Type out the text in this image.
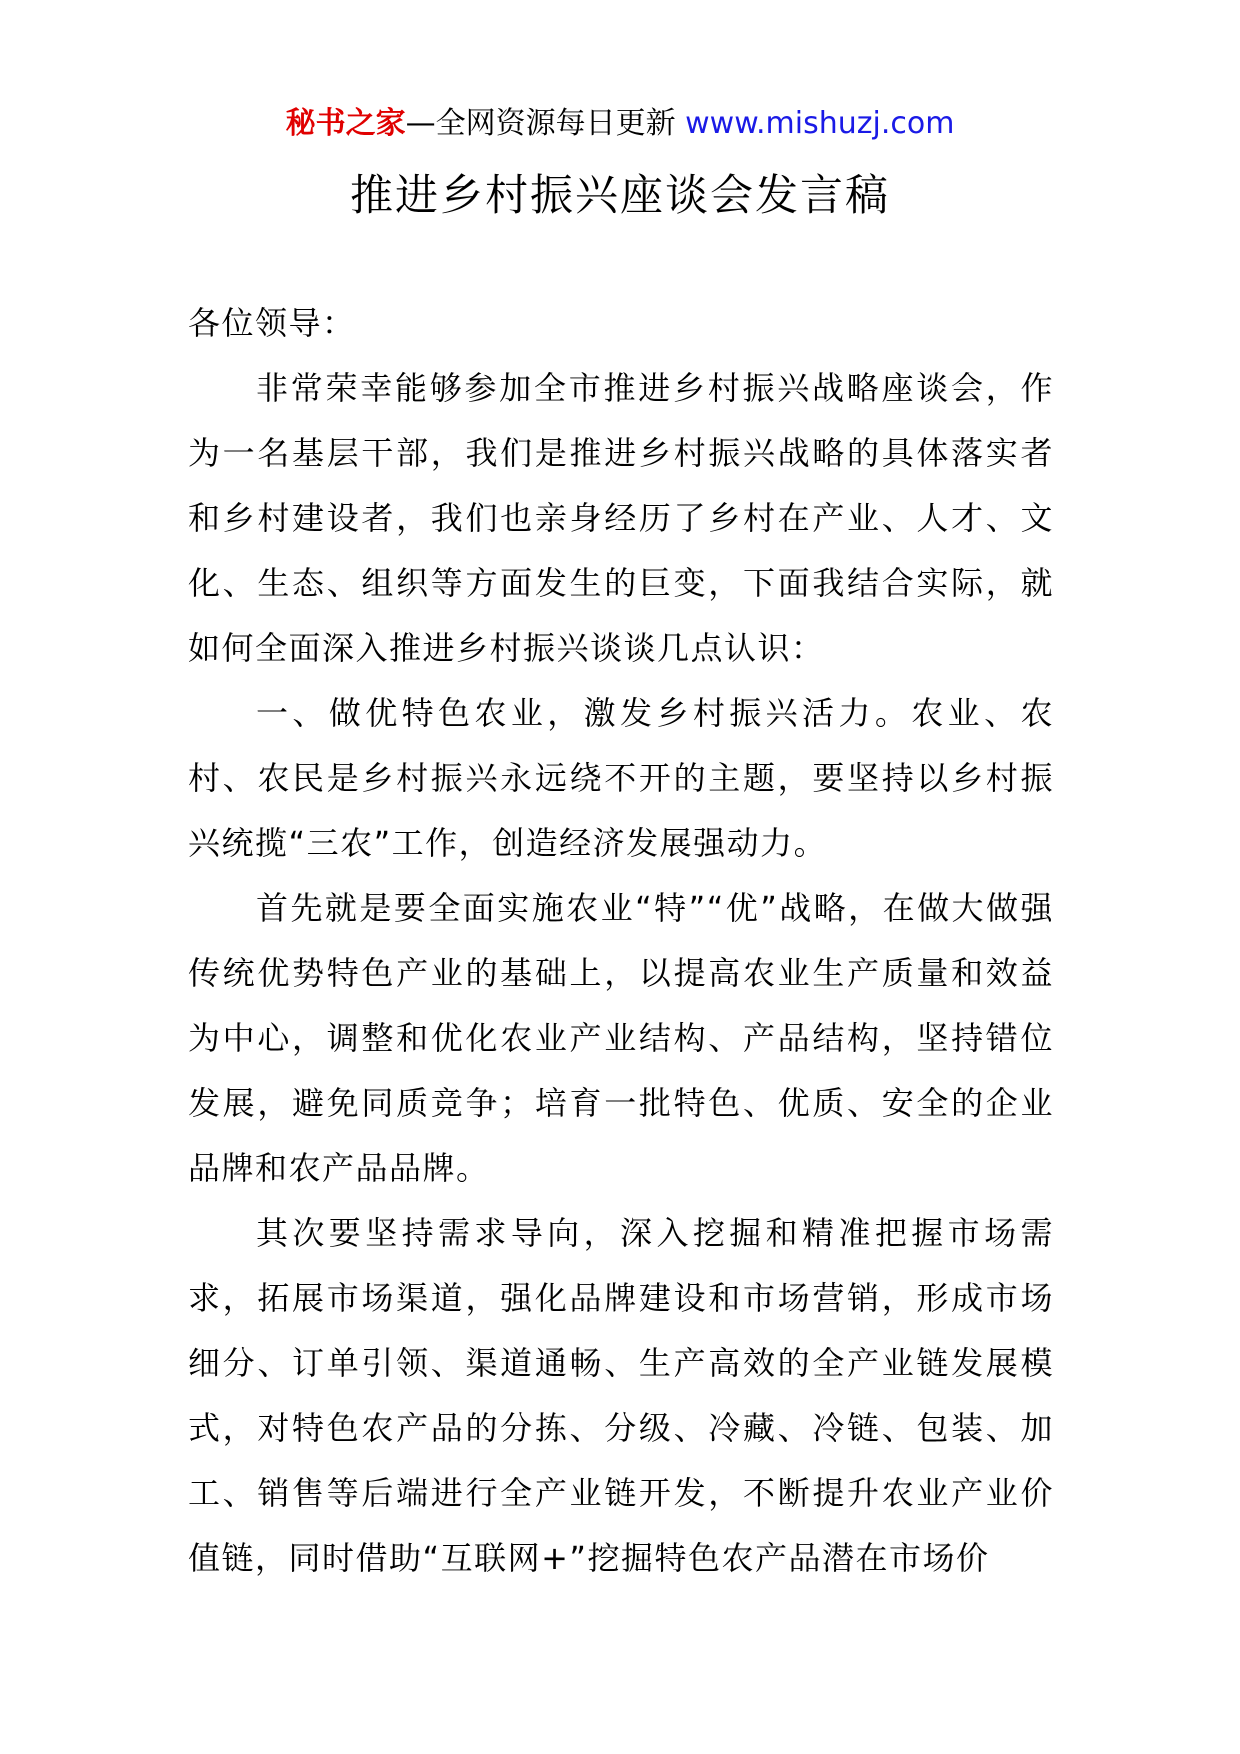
秘书之家—全网资源每日更新 www.mishuzj.com
推进乡村振兴座谈会发言稿

各位领导：

非常荣幸能够参加全市推进乡村振兴战略座谈会，作为一名基层干部，我们是推进乡村振兴战略的具体落实者和乡村建设者，我们也亲身经历了乡村在产业、人才、文化、生态、组织等方面发生的巨变，下面我结合实际，就如何全面深入推进乡村振兴谈谈几点认识：

一、做优特色农业，激发乡村振兴活力。农业、农村、农民是乡村振兴永远绕不开的主题，要坚持以乡村振兴统揽“三农”工作，创造经济发展强动力。

首先就是要全面实施农业“特”“优”战略，在做大做强传统优势特色产业的基础上，以提高农业生产质量和效益为中心，调整和优化农业产业结构、产品结构，坚持错位发展，避免同质竞争；培育一批特色、优质、安全的企业品牌和农产品品牌。

其次要坚持需求导向，深入挖掘和精准把握市场需求，拓展市场渠道，强化品牌建设和市场营销，形成市场细分、订单引领、渠道通畅、生产高效的全产业链发展模式，对特色农产品的分拣、分级、冷藏、冷链、包装、加工、销售等后端进行全产业链开发，不断提升农业产业价值链，同时借助“互联网+”挖掘特色农产品潜在市场价
